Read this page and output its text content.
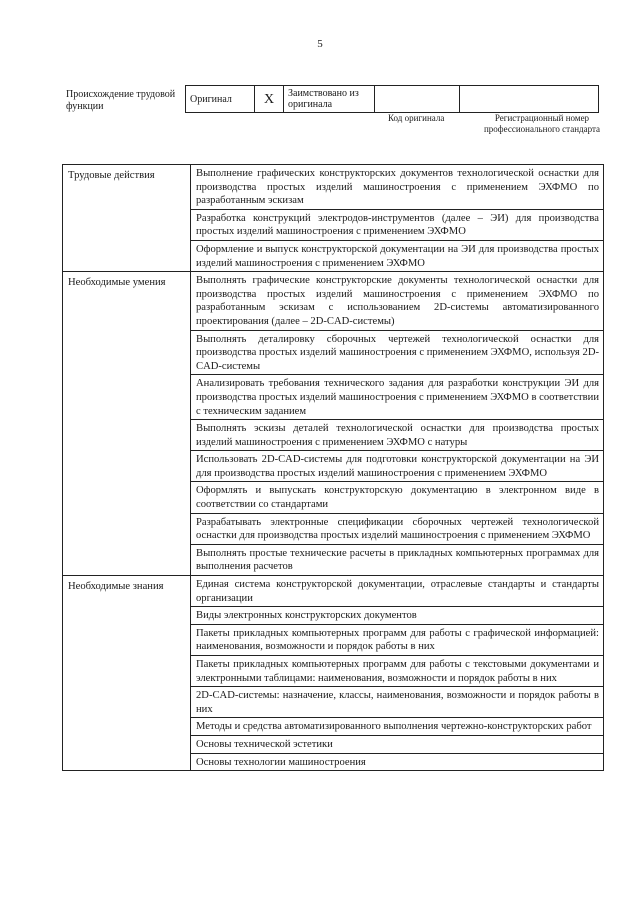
5
Происхождение трудовой функции
Оригинал	X	Заимствовано из оригинала		
Код оригинала	Регистрационный номер профессионального стандарта
Трудовые действия	Выполнение графических конструкторских документов технологической оснастки для производства простых изделий машиностроения с применением ЭХФМО по разработанным эскизам
	Разработка конструкций электродов-инструментов (далее – ЭИ) для производства простых изделий машиностроения с применением ЭХФМО
	Оформление и выпуск конструкторской документации на ЭИ для производства простых изделий машиностроения с применением ЭХФМО
Необходимые умения	Выполнять графические конструкторские документы технологической оснастки для производства простых изделий машиностроения с применением ЭХФМО по разработанным эскизам с использованием 2D-системы автоматизированного проектирования (далее – 2D-CAD-системы)
	Выполнять деталировку сборочных чертежей технологической оснастки для производства простых изделий машиностроения с применением ЭХФМО, используя 2D-CAD-системы
	Анализировать требования технического задания для разработки конструкции ЭИ для производства простых изделий машиностроения с применением ЭХФМО в соответствии с техническим заданием
	Выполнять эскизы деталей технологической оснастки для производства простых изделий машиностроения с применением ЭХФМО с натуры
	Использовать 2D-CAD-системы для подготовки конструкторской документации на ЭИ для производства простых изделий машиностроения с применением ЭХФМО
	Оформлять и выпускать конструкторскую документацию в электронном виде в соответствии со стандартами
	Разрабатывать электронные спецификации сборочных чертежей технологической оснастки для производства простых изделий машиностроения с применением ЭХФМО
	Выполнять простые технические расчеты в прикладных компьютерных программах для выполнения расчетов
Необходимые знания	Единая система конструкторской документации, отраслевые стандарты и стандарты организации
	Виды электронных конструкторских документов
	Пакеты прикладных компьютерных программ для работы с графической информацией: наименования, возможности и порядок работы в них
	Пакеты прикладных компьютерных программ для работы с текстовыми документами и электронными таблицами: наименования, возможности и порядок работы в них
	2D-CAD-системы: назначение, классы, наименования, возможности и порядок работы в них
	Методы и средства автоматизированного выполнения чертежно-конструкторских работ
	Основы технической эстетики
	Основы технологии машиностроения
